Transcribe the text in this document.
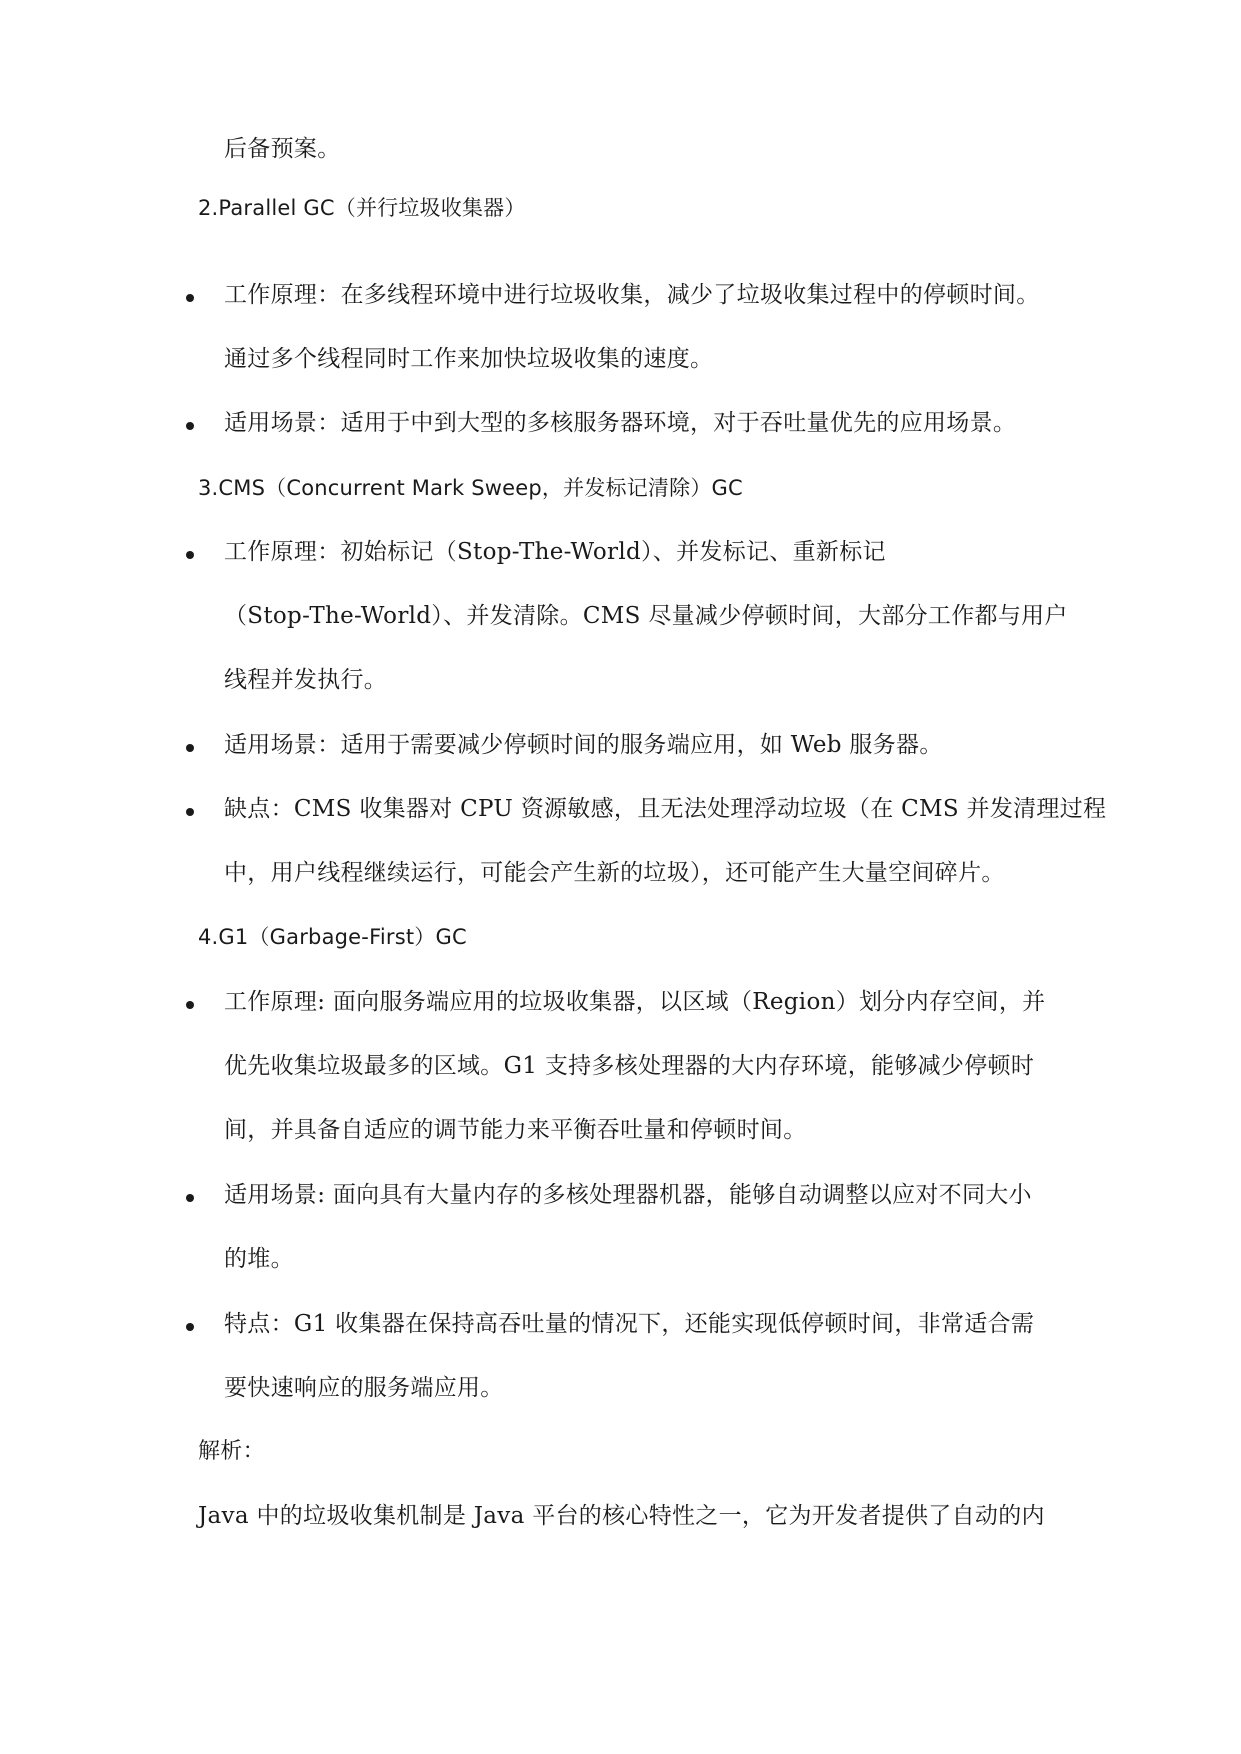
后备预案。
2.Parallel GC（并行垃圾收集器）
工作原理：在多线程环境中进行垃圾收集，减少了垃圾收集过程中的停顿时间。
通过多个线程同时工作来加快垃圾收集的速度。
适用场景：适用于中到大型的多核服务器环境，对于吞吐量优先的应用场景。
3.CMS（Concurrent Mark Sweep，并发标记清除）GC
工作原理：初始标记（Stop-The-World）、并发标记、重新标记
（Stop-The-World）、并发清除。CMS 尽量减少停顿时间，大部分工作都与用户
线程并发执行。
适用场景：适用于需要减少停顿时间的服务端应用，如 Web 服务器。
缺点：CMS 收集器对 CPU 资源敏感，且无法处理浮动垃圾（在 CMS 并发清理过程
中，用户线程继续运行，可能会产生新的垃圾），还可能产生大量空间碎片。
4.G1（Garbage-First）GC
工作原理: 面向服务端应用的垃圾收集器，以区域（Region）划分内存空间，并
优先收集垃圾最多的区域。G1 支持多核处理器的大内存环境，能够减少停顿时
间，并具备自适应的调节能力来平衡吞吐量和停顿时间。
适用场景: 面向具有大量内存的多核处理器机器，能够自动调整以应对不同大小
的堆。
特点：G1 收集器在保持高吞吐量的情况下，还能实现低停顿时间，非常适合需
要快速响应的服务端应用。
解析：
Java 中的垃圾收集机制是 Java 平台的核心特性之一，它为开发者提供了自动的内
